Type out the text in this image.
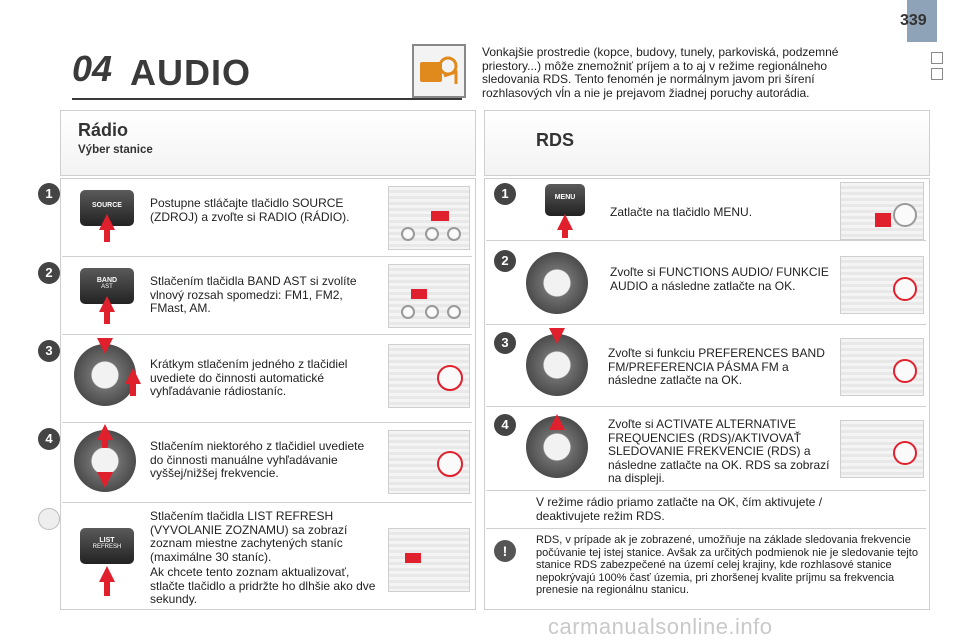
339
04 AUDIO	Vonkajšie prostredie (kopce, budovy, tunely, parkoviská, podzemné priestory...) môže znemožniť príjem a to aj v režime regionálneho sledovania RDS. Tento fenomén je normálnym javom pri šírení rozhlasových vĺn a nie je prejavom žiadnej poruchy autorádia.
Rádio
Výber stanice
1
SOURCE	Postupne stláčajte tlačidlo SOURCE (ZDROJ) a zvoľte si RADIO (RÁDIO).
2
BAND
AST	Stlačením tlačidla BAND AST si zvolíte vlnový rozsah spomedzi: FM1, FM2, FMast, AM.
3
Krátkym stlačením jedného z tlačidiel uvediete do činnosti automatické vyhľadávanie rádiostaníc.
4	Stlačením niektorého z tlačidiel uvediete do činnosti manuálne vyhľadávanie vyššej/nižšej frekvencie.
LIST
REFRESH
Stlačením tlačidla LIST REFRESH (VYVOLANIE ZOZNAMU) sa zobrazí zoznam miestne zachytených staníc (maximálne 30 staníc).
Ak chcete tento zoznam aktualizovať, stlačte tlačidlo a pridržte ho dlhšie ako dve sekundy.
RDS
1	MENU
Zatlačte na tlačidlo MENU.
2
Zvoľte si FUNCTIONS AUDIO/ FUNKCIE AUDIO a následne zatlačte na OK.
3
Zvoľte si funkciu PREFERENCES BAND FM/PREFERENCIA PÁSMA FM a následne zatlačte na OK.
4	Zvoľte si ACTIVATE ALTERNATIVE FREQUENCIES (RDS)/AKTIVOVAŤ SLEDOVANIE FREKVENCIE (RDS) a následne zatlačte na OK. RDS sa zobrazí na displeji.
V režime rádio priamo zatlačte na OK, čím aktivujete / deaktivujete režim RDS.
!
RDS, v prípade ak je zobrazené, umožňuje na základe sledovania frekvencie počúvanie tej istej stanice. Avšak za určitých podmienok nie je sledovanie tejto stanice RDS zabezpečené na území celej krajiny, kde rozhlasové stanice nepokrývajú 100% časť územia, pri zhoršenej kvalite príjmu sa frekvencia prenesie na regionálnu stanicu.
carmanualsonline.info
